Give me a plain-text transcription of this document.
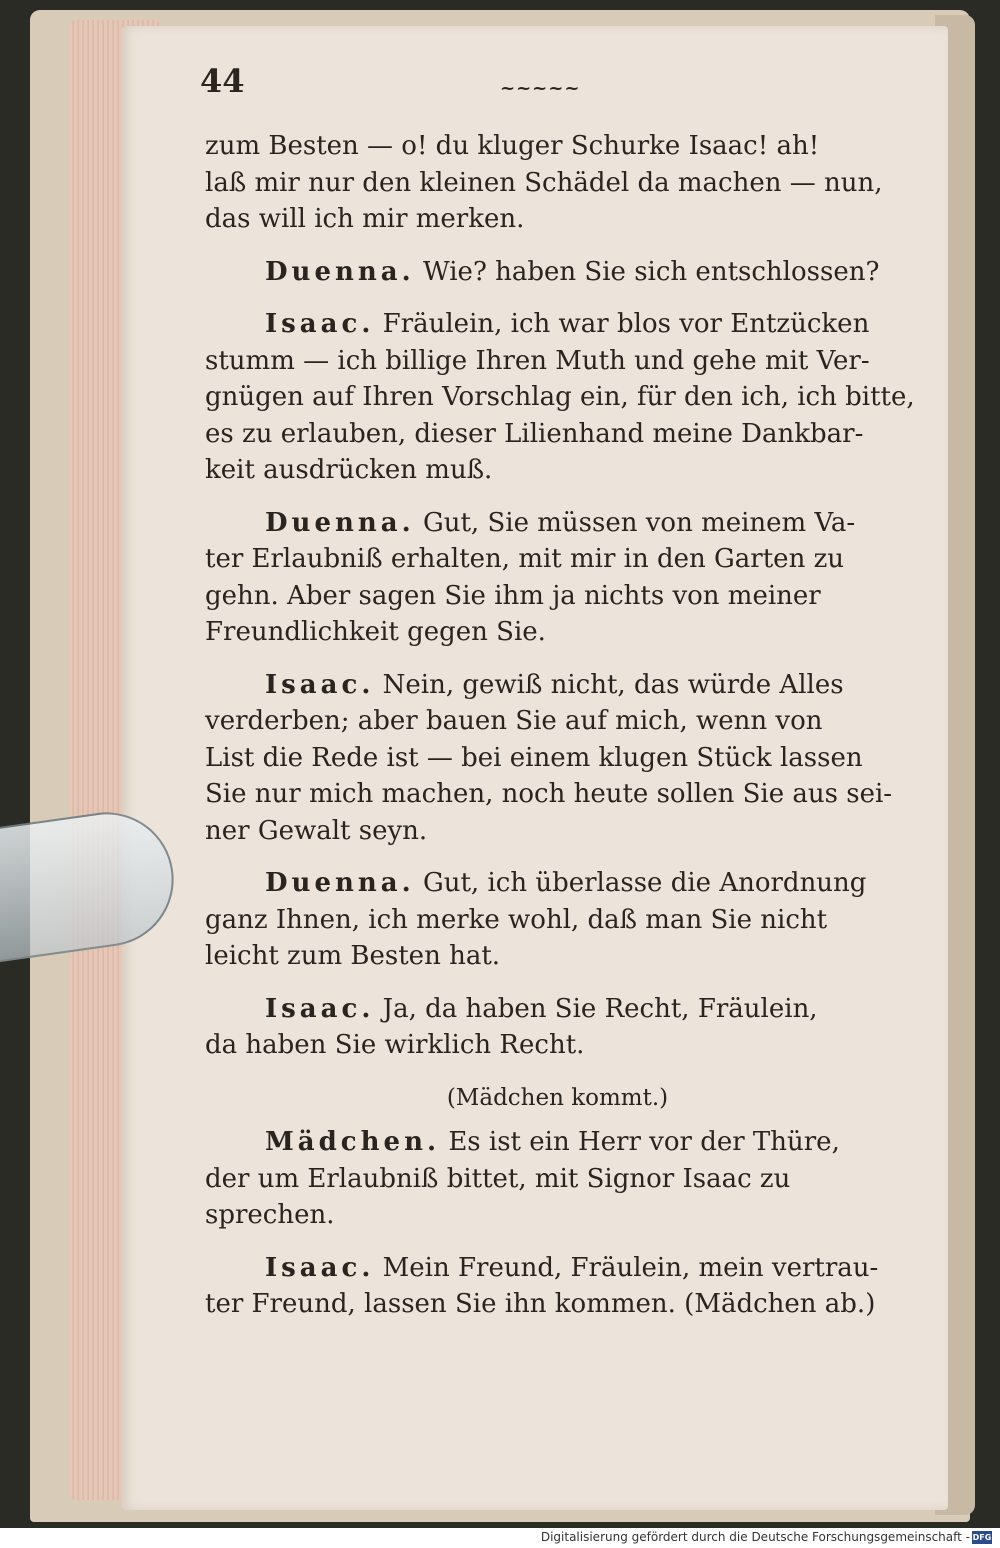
44	~~~~~
zum Besten — o! du kluger Schurke Isaac! ah!
laß mir nur den kleinen Schädel da machen — nun,
das will ich mir merken.
Duenna. Wie? haben Sie sich entschlossen?
Isaac. Fräulein, ich war blos vor Entzücken
stumm — ich billige Ihren Muth und gehe mit Ver-
gnügen auf Ihren Vorschlag ein, für den ich, ich bitte,
es zu erlauben, dieser Lilienhand meine Dankbar-
keit ausdrücken muß.
Duenna. Gut, Sie müssen von meinem Va-
ter Erlaubniß erhalten, mit mir in den Garten zu
gehn. Aber sagen Sie ihm ja nichts von meiner
Freundlichkeit gegen Sie.
Isaac. Nein, gewiß nicht, das würde Alles
verderben; aber bauen Sie auf mich, wenn von
List die Rede ist — bei einem klugen Stück lassen
Sie nur mich machen, noch heute sollen Sie aus sei-
ner Gewalt seyn.
Duenna. Gut, ich überlasse die Anordnung
ganz Ihnen, ich merke wohl, daß man Sie nicht
leicht zum Besten hat.
Isaac. Ja, da haben Sie Recht, Fräulein,
da haben Sie wirklich Recht.
(Mädchen kommt.)
Mädchen. Es ist ein Herr vor der Thüre,
der um Erlaubniß bittet, mit Signor Isaac zu
sprechen.
Isaac. Mein Freund, Fräulein, mein vertrau-
ter Freund, lassen Sie ihn kommen. (Mädchen ab.)
Digitalisierung gefördert durch die Deutsche Forschungsgemeinschaft - DFG
